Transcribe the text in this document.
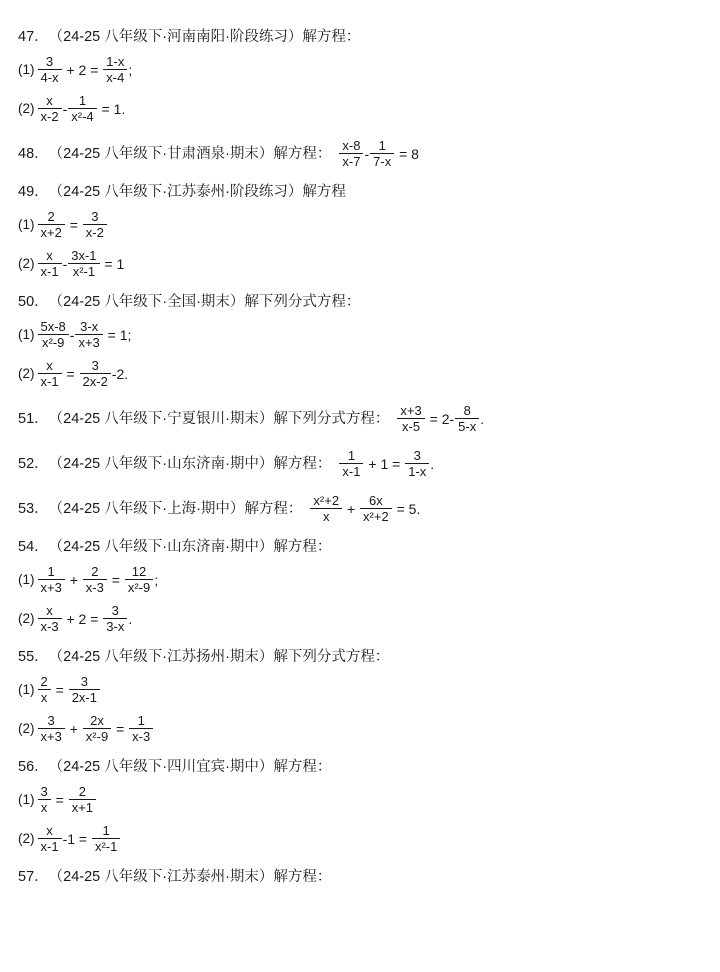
47． （24-25 八年级下·河南南阳·阶段练习）解方程：
$(1) \frac{3}{4-x} + 2 = \frac{1-x}{x-4}$ ;
$(2) \frac{x}{x-2} - \frac{1}{\text{x²-4}} = 1$.
48． （24-25 八年级下·甘肃酒泉·期末）解方程： $\frac{x-8}{x-7} - \frac{1}{7-x} = 8$
49． （24-25 八年级下·江苏泰州·阶段练习）解方程
$(1) \frac{2}{x+2} = \frac{3}{x-2}$
$(2) \frac{x}{x-1} - \frac{3x-1}{\text{x²-1}} = 1$
50． （24-25 八年级下·全国·期末）解下列分式方程：
$(1) \frac{5x-8}{\text{x²-9}} - \frac{3-x}{x+3} = 1$;
$(2) \frac{x}{x-1} = \frac{3}{2x-2} -2$.
51． （24-25 八年级下·宁夏银川·期末）解下列分式方程： $\frac{x+3}{x-5} = 2- \frac{8}{5-x}$ .
52． （24-25 八年级下·山东济南·期中）解方程： $\frac{1}{x-1} + 1 = \frac{3}{1-x}$ .
53． （24-25 八年级下·上海·期中）解方程： $\frac{\text{x²+2}}{x} + \frac{6x}{\text{x²+2}} = 5$.
54． （24-25 八年级下·山东济南·期中）解方程：
$(1) \frac{1}{x+3} + \frac{2}{x-3} = \frac{12}{\text{x²-9}}$ ;
$(2) \frac{x}{x-3} + 2 = \frac{3}{3-x}$ .
55． （24-25 八年级下·江苏扬州·期末）解下列分式方程：
$(1) \frac{2}{x} = \frac{3}{2x-1}$
$(2) \frac{3}{x+3} + \frac{2x}{\text{x²-9}} = \frac{1}{x-3}$
56． （24-25 八年级下·四川宜宾·期中）解方程：
$(1) \frac{3}{x} = \frac{2}{x+1}$
$(2) \frac{x}{x-1} -1 = \frac{1}{\text{x²-1}}$
57． （24-25 八年级下·江苏泰州·期末）解方程：
